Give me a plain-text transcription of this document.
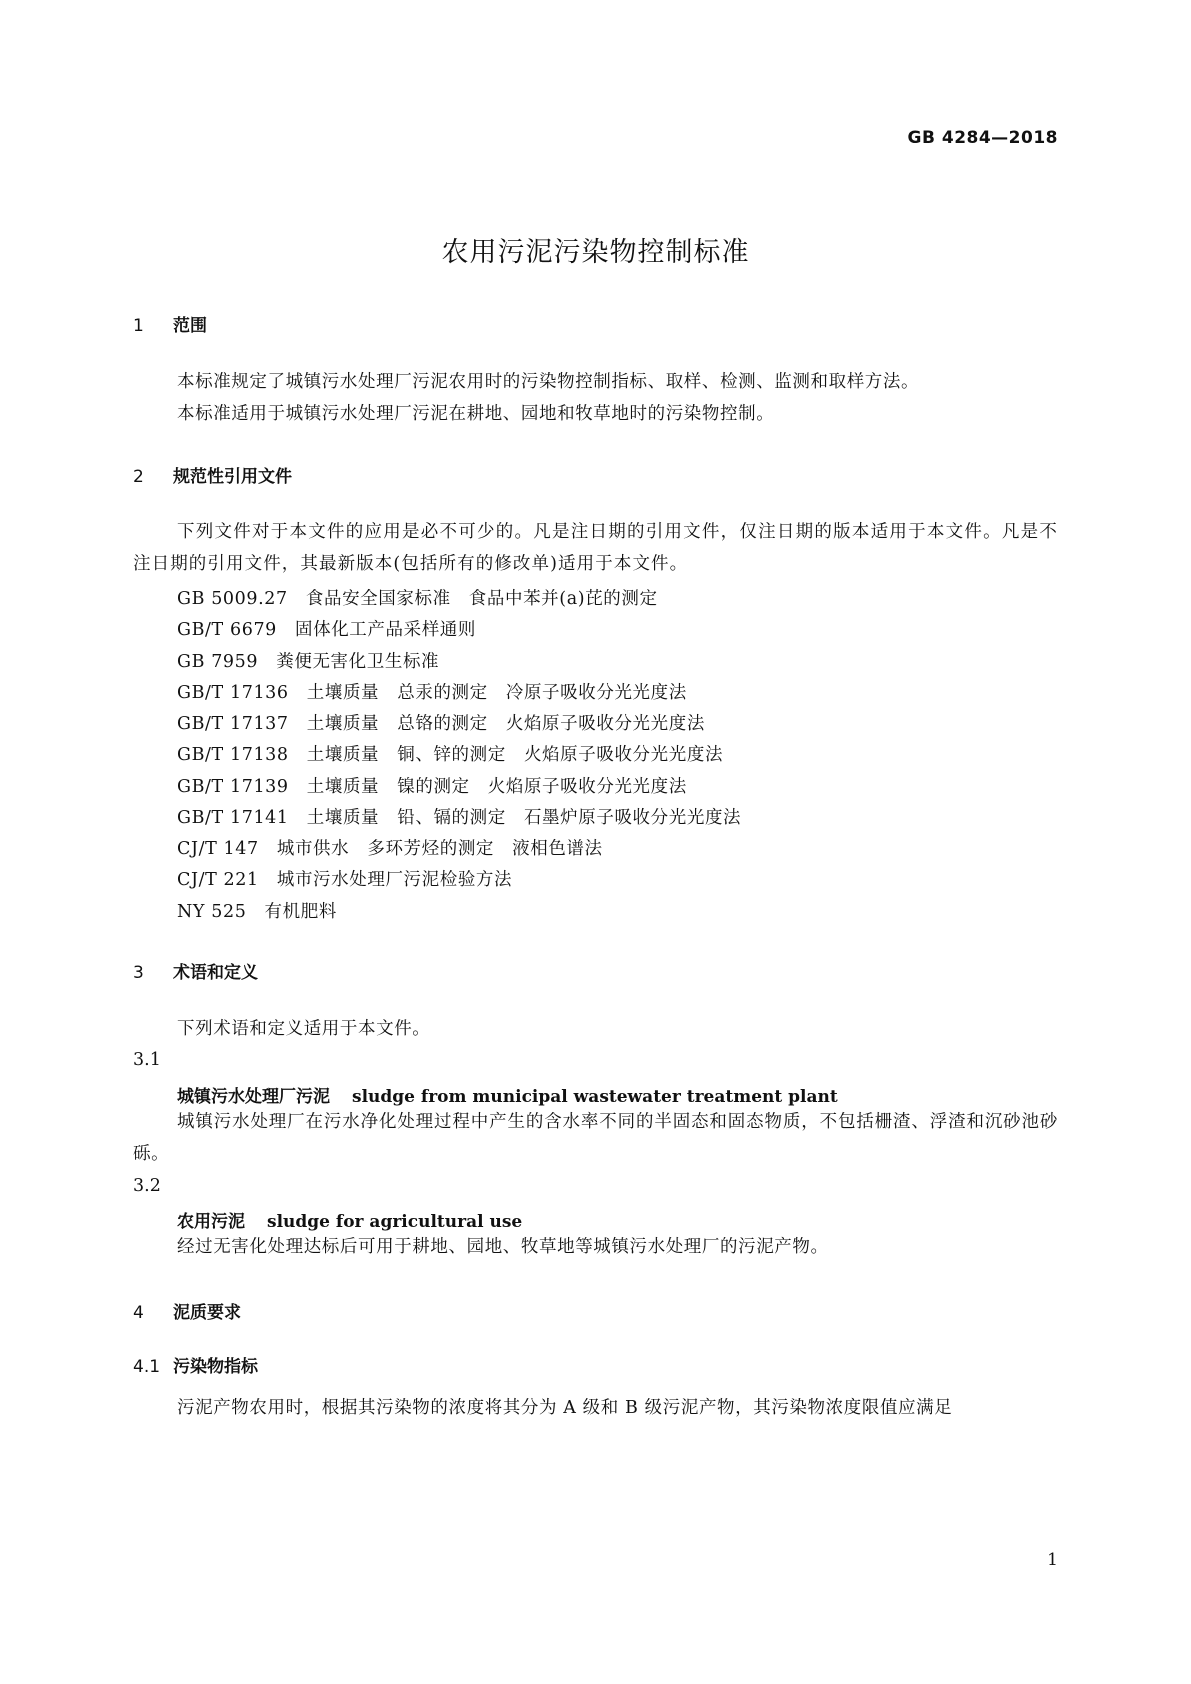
GB 4284—2018
农用污泥污染物控制标准
1 范围
本标准规定了城镇污水处理厂污泥农用时的污染物控制指标、取样、检测、监测和取样方法。
本标准适用于城镇污水处理厂污泥在耕地、园地和牧草地时的污染物控制。
2 规范性引用文件
下列文件对于本文件的应用是必不可少的。凡是注日期的引用文件，仅注日期的版本适用于本文件。凡是不注日期的引用文件，其最新版本(包括所有的修改单)适用于本文件。
GB 5009.27　食品安全国家标准　食品中苯并(a)芘的测定
GB/T 6679　固体化工产品采样通则
GB 7959　粪便无害化卫生标准
GB/T 17136　土壤质量　总汞的测定　冷原子吸收分光光度法
GB/T 17137　土壤质量　总铬的测定　火焰原子吸收分光光度法
GB/T 17138　土壤质量　铜、锌的测定　火焰原子吸收分光光度法
GB/T 17139　土壤质量　镍的测定　火焰原子吸收分光光度法
GB/T 17141　土壤质量　铅、镉的测定　石墨炉原子吸收分光光度法
CJ/T 147　城市供水　多环芳烃的测定　液相色谱法
CJ/T 221　城市污水处理厂污泥检验方法
NY 525　有机肥料
3 术语和定义
下列术语和定义适用于本文件。
3.1
城镇污水处理厂污泥 sludge from municipal wastewater treatment plant
城镇污水处理厂在污水净化处理过程中产生的含水率不同的半固态和固态物质，不包括栅渣、浮渣和沉砂池砂砾。
3.2
农用污泥 sludge for agricultural use
经过无害化处理达标后可用于耕地、园地、牧草地等城镇污水处理厂的污泥产物。
4 泥质要求
4.1 污染物指标
污泥产物农用时，根据其污染物的浓度将其分为 A 级和 B 级污泥产物，其污染物浓度限值应满足
1
